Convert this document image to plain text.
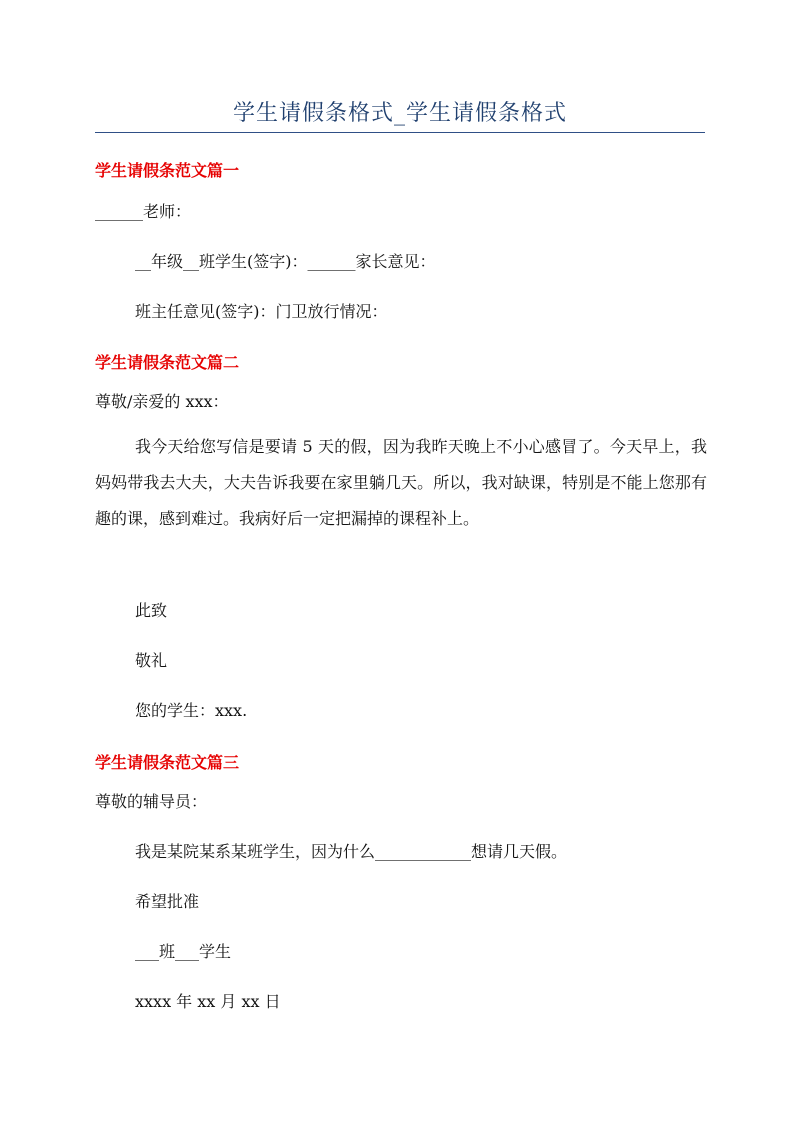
学生请假条格式_学生请假条格式
学生请假条范文篇一
______老师：
__年级__班学生(签字)：______家长意见：
班主任意见(签字)：门卫放行情况：
学生请假条范文篇二
尊敬/亲爱的 xxx：

我今天给您写信是要请 5 天的假，因为我昨天晚上不小心感冒了。今天早上，我妈妈带我去大夫，大夫告诉我要在家里躺几天。所以，我对缺课，特别是不能上您那有趣的课，感到难过。我病好后一定把漏掉的课程补上。

此致
敬礼
您的学生：xxx.
学生请假条范文篇三
尊敬的辅导员：
我是某院某系某班学生，因为什么____________想请几天假。
希望批准
___班___学生
xxxx 年 xx 月 xx 日
